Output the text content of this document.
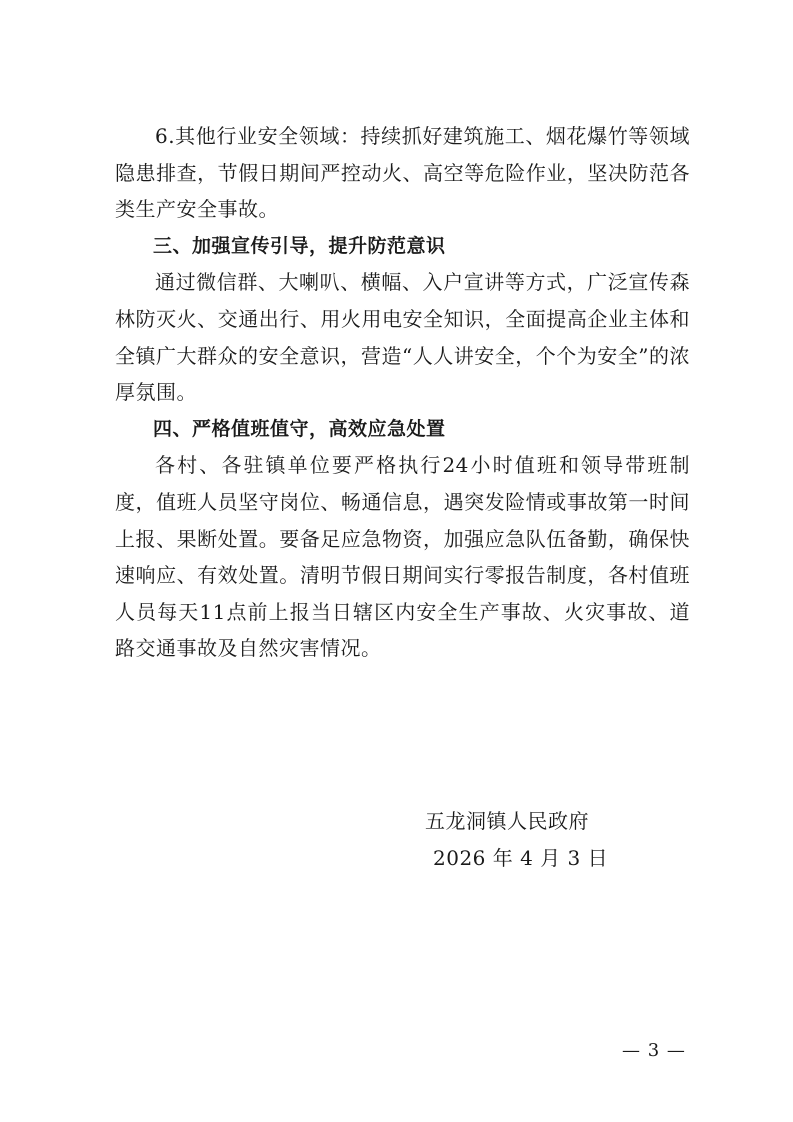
6.其他行业安全领域：持续抓好建筑施工、烟花爆竹等领域隐患排查，节假日期间严控动火、高空等危险作业，坚决防范各类生产安全事故。

三、加强宣传引导，提升防范意识

通过微信群、大喇叭、横幅、入户宣讲等方式，广泛宣传森林防灭火、交通出行、用火用电安全知识，全面提高企业主体和全镇广大群众的安全意识，营造“人人讲安全，个个为安全”的浓厚氛围。

四、严格值班值守，高效应急处置

各村、各驻镇单位要严格执行24小时值班和领导带班制度，值班人员坚守岗位、畅通信息，遇突发险情或事故第一时间上报、果断处置。要备足应急物资，加强应急队伍备勤，确保快速响应、有效处置。清明节假日期间实行零报告制度，各村值班人员每天11点前上报当日辖区内安全生产事故、火灾事故、道路交通事故及自然灾害情况。

五龙洞镇人民政府
2026 年 4 月 3 日
— 3 —
